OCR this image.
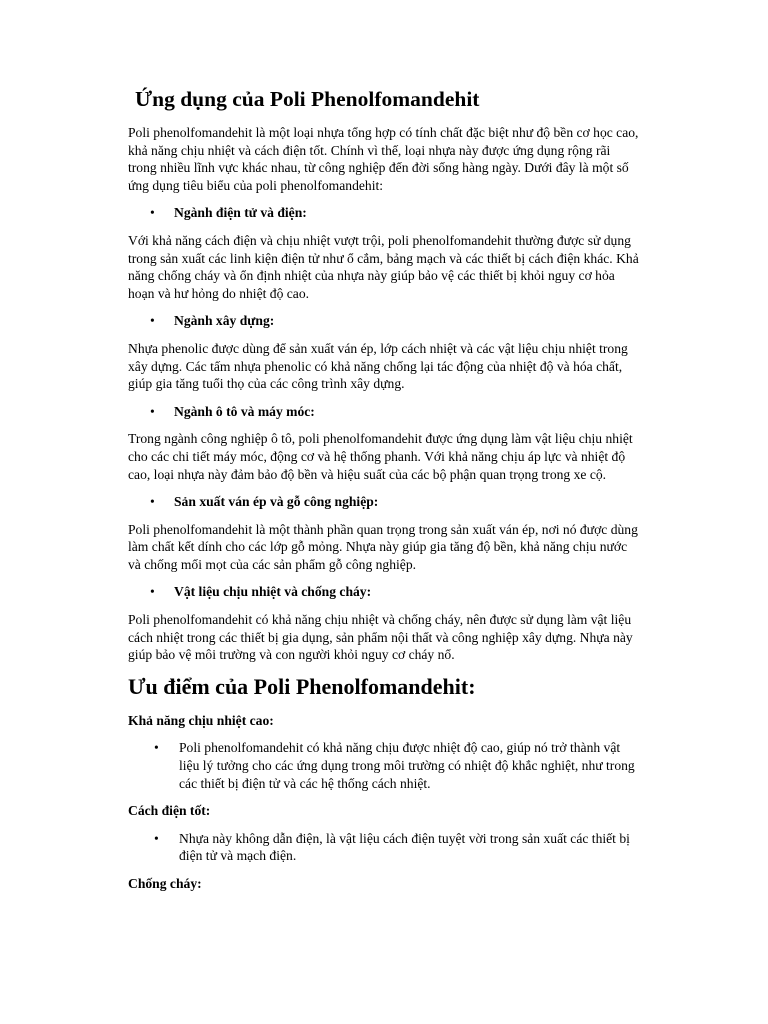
Ứng dụng của Poli Phenolfomandehit

Poli phenolfomandehit là một loại nhựa tổng hợp có tính chất đặc biệt như độ bền cơ học cao, khả năng chịu nhiệt và cách điện tốt. Chính vì thế, loại nhựa này được ứng dụng rộng rãi trong nhiều lĩnh vực khác nhau, từ công nghiệp đến đời sống hàng ngày. Dưới đây là một số ứng dụng tiêu biểu của poli phenolfomandehit:

• Ngành điện tử và điện:

Với khả năng cách điện và chịu nhiệt vượt trội, poli phenolfomandehit thường được sử dụng trong sản xuất các linh kiện điện tử như ổ cắm, bảng mạch và các thiết bị cách điện khác. Khả năng chống cháy và ổn định nhiệt của nhựa này giúp bảo vệ các thiết bị khỏi nguy cơ hỏa hoạn và hư hỏng do nhiệt độ cao.

• Ngành xây dựng:

Nhựa phenolic được dùng để sản xuất ván ép, lớp cách nhiệt và các vật liệu chịu nhiệt trong xây dựng. Các tấm nhựa phenolic có khả năng chống lại tác động của nhiệt độ và hóa chất, giúp gia tăng tuổi thọ của các công trình xây dựng.

• Ngành ô tô và máy móc:

Trong ngành công nghiệp ô tô, poli phenolfomandehit được ứng dụng làm vật liệu chịu nhiệt cho các chi tiết máy móc, động cơ và hệ thống phanh. Với khả năng chịu áp lực và nhiệt độ cao, loại nhựa này đảm bảo độ bền và hiệu suất của các bộ phận quan trọng trong xe cộ.

• Sản xuất ván ép và gỗ công nghiệp:

Poli phenolfomandehit là một thành phần quan trọng trong sản xuất ván ép, nơi nó được dùng làm chất kết dính cho các lớp gỗ mỏng. Nhựa này giúp gia tăng độ bền, khả năng chịu nước và chống mối mọt của các sản phẩm gỗ công nghiệp.

• Vật liệu chịu nhiệt và chống cháy:

Poli phenolfomandehit có khả năng chịu nhiệt và chống cháy, nên được sử dụng làm vật liệu cách nhiệt trong các thiết bị gia dụng, sản phẩm nội thất và công nghiệp xây dựng. Nhựa này giúp bảo vệ môi trường và con người khỏi nguy cơ cháy nổ.

Ưu điểm của Poli Phenolfomandehit:

Khả năng chịu nhiệt cao:

• Poli phenolfomandehit có khả năng chịu được nhiệt độ cao, giúp nó trở thành vật liệu lý tưởng cho các ứng dụng trong môi trường có nhiệt độ khắc nghiệt, như trong các thiết bị điện tử và các hệ thống cách nhiệt.

Cách điện tốt:

• Nhựa này không dẫn điện, là vật liệu cách điện tuyệt vời trong sản xuất các thiết bị điện tử và mạch điện.

Chống cháy:
